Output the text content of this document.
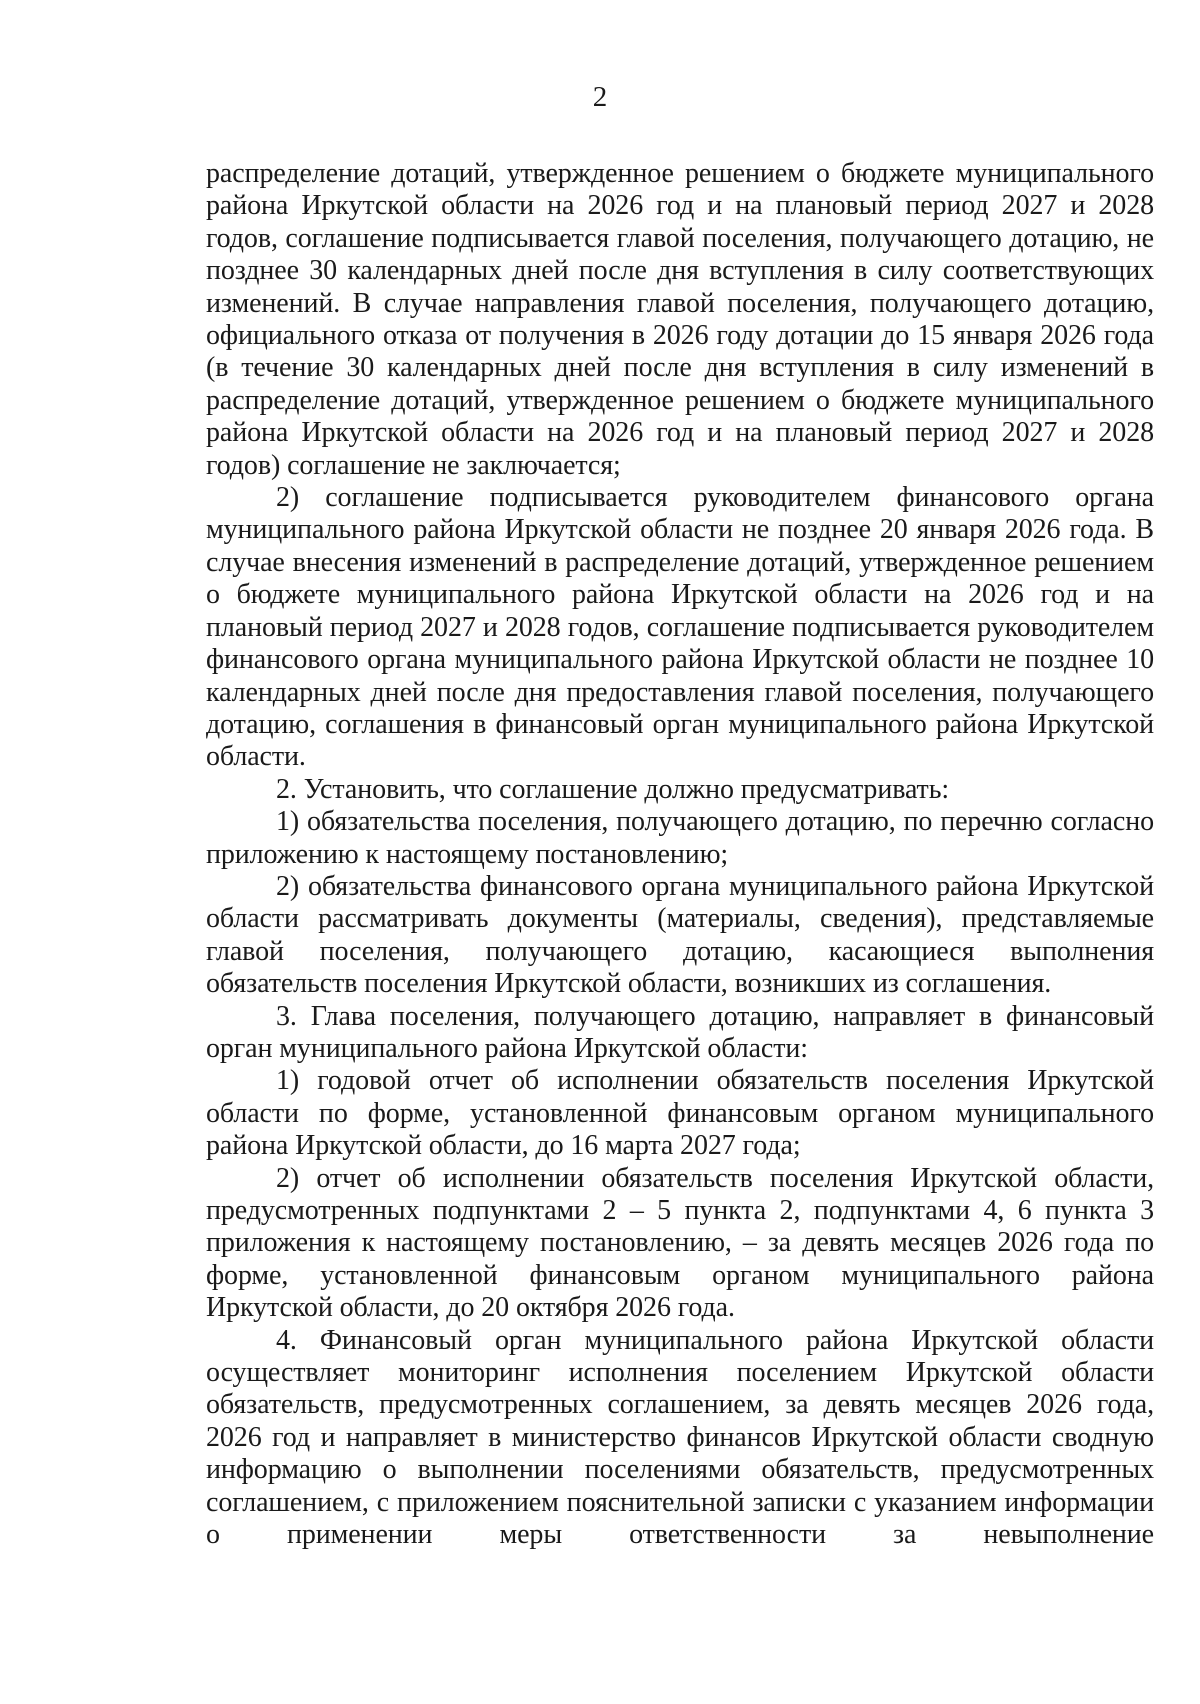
2

распределение дотаций, утвержденное решением о бюджете муниципального района Иркутской области на 2026 год и на плановый период 2027 и 2028 годов, соглашение подписывается главой поселения, получающего дотацию, не позднее 30 календарных дней после дня вступления в силу соответствующих изменений. В случае направления главой поселения, получающего дотацию, официального отказа от получения в 2026 году дотации до 15 января 2026 года (в течение 30 календарных дней после дня вступления в силу изменений в распределение дотаций, утвержденное решением о бюджете муниципального района Иркутской области на 2026 год и на плановый период 2027 и 2028 годов) соглашение не заключается;

2) соглашение подписывается руководителем финансового органа муниципального района Иркутской области не позднее 20 января 2026 года. В случае внесения изменений в распределение дотаций, утвержденное решением о бюджете муниципального района Иркутской области на 2026 год и на плановый период 2027 и 2028 годов, соглашение подписывается руководителем финансового органа муниципального района Иркутской области не позднее 10 календарных дней после дня предоставления главой поселения, получающего дотацию, соглашения в финансовый орган муниципального района Иркутской области.

2. Установить, что соглашение должно предусматривать:

1) обязательства поселения, получающего дотацию, по перечню согласно приложению к настоящему постановлению;

2) обязательства финансового органа муниципального района Иркутской области рассматривать документы (материалы, сведения), представляемые главой поселения, получающего дотацию, касающиеся выполнения обязательств поселения Иркутской области, возникших из соглашения.

3. Глава поселения, получающего дотацию, направляет в финансовый орган муниципального района Иркутской области:

1) годовой отчет об исполнении обязательств поселения Иркутской области по форме, установленной финансовым органом муниципального района Иркутской области, до 16 марта 2027 года;

2) отчет об исполнении обязательств поселения Иркутской области, предусмотренных подпунктами 2 – 5 пункта 2, подпунктами 4, 6 пункта 3 приложения к настоящему постановлению, – за девять месяцев 2026 года по форме, установленной финансовым органом муниципального района Иркутской области, до 20 октября 2026 года.

4. Финансовый орган муниципального района Иркутской области осуществляет мониторинг исполнения поселением Иркутской области обязательств, предусмотренных соглашением, за девять месяцев 2026 года, 2026 год и направляет в министерство финансов Иркутской области сводную информацию о выполнении поселениями обязательств, предусмотренных соглашением, с приложением пояснительной записки с указанием информации о применении меры ответственности за невыполнение
